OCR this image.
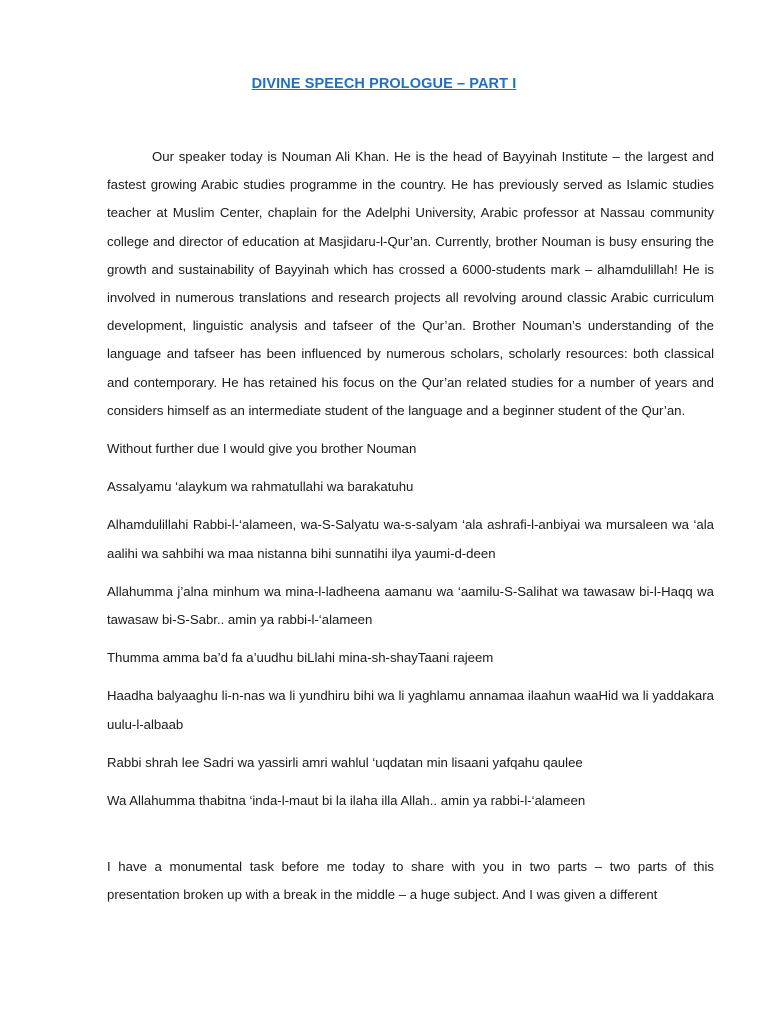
DIVINE SPEECH PROLOGUE – PART I

Our speaker today is Nouman Ali Khan. He is the head of Bayyinah Institute – the largest and fastest growing Arabic studies programme in the country. He has previously served as Islamic studies teacher at Muslim Center, chaplain for the Adelphi University, Arabic professor at Nassau community college and director of education at Masjidaru-l-Qur’an. Currently, brother Nouman is busy ensuring the growth and sustainability of Bayyinah which has crossed a 6000-students mark – alhamdulillah! He is involved in numerous translations and research projects all revolving around classic Arabic curriculum development, linguistic analysis and tafseer of the Qur’an. Brother Nouman’s understanding of the language and tafseer has been influenced by numerous scholars, scholarly resources: both classical and contemporary. He has retained his focus on the Qur’an related studies for a number of years and considers himself as an intermediate student of the language and a beginner student of the Qur’an.

Without further due I would give you brother Nouman

Assalyamu ‘alaykum wa rahmatullahi wa barakatuhu

Alhamdulillahi Rabbi-l-‘alameen, wa-S-Salyatu wa-s-salyam ‘ala ashrafi-l-anbiyai wa mursaleen wa ‘ala aalihi wa sahbihi wa maa nistanna bihi sunnatihi ilya yaumi-d-deen

Allahumma j’alna minhum wa mina-l-ladheena aamanu wa ‘aamilu-S-Salihat wa tawasaw bi-l-Haqq wa tawasaw bi-S-Sabr.. amin ya rabbi-l-‘alameen

Thumma amma ba’d fa a’uudhu biLlahi mina-sh-shayTaani rajeem

Haadha balyaaghu li-n-nas wa li yundhiru bihi wa li yaghlamu annamaa ilaahun waaHid wa li yaddakara uulu-l-albaab

Rabbi shrah lee Sadri wa yassirli amri wahlul ‘uqdatan min lisaani yafqahu qaulee

Wa Allahumma thabitna ‘inda-l-maut bi la ilaha illa Allah.. amin ya rabbi-l-‘alameen

I have a monumental task before me today to share with you in two parts – two parts of this presentation broken up with a break in the middle – a huge subject. And I was given a different
